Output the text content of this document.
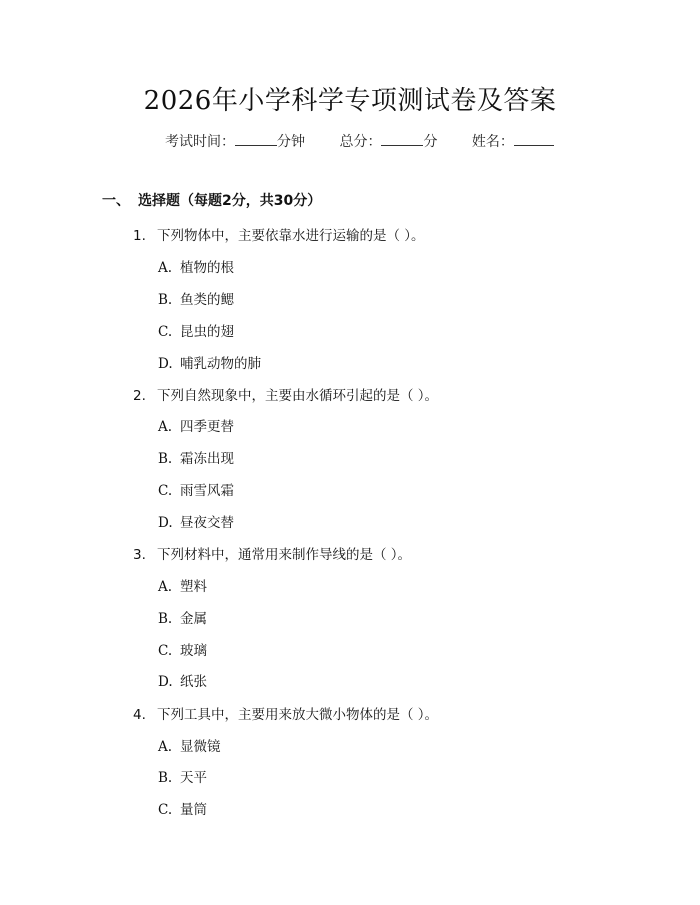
2026年小学科学专项测试卷及答案
考试时间：	分钟 总分：	分 姓名：
一、 选择题（每题2分，共30分）
1. 下列物体中，主要依靠水进行运输的是（ ）。
A. 植物的根
B. 鱼类的鳃
C. 昆虫的翅
D. 哺乳动物的肺
2. 下列自然现象中，主要由水循环引起的是（ ）。
A. 四季更替
B. 霜冻出现
C. 雨雪风霜
D. 昼夜交替
3. 下列材料中，通常用来制作导线的是（ ）。
A. 塑料
B. 金属
C. 玻璃
D. 纸张
4. 下列工具中，主要用来放大微小物体的是（ ）。
A. 显微镜
B. 天平
C. 量筒
